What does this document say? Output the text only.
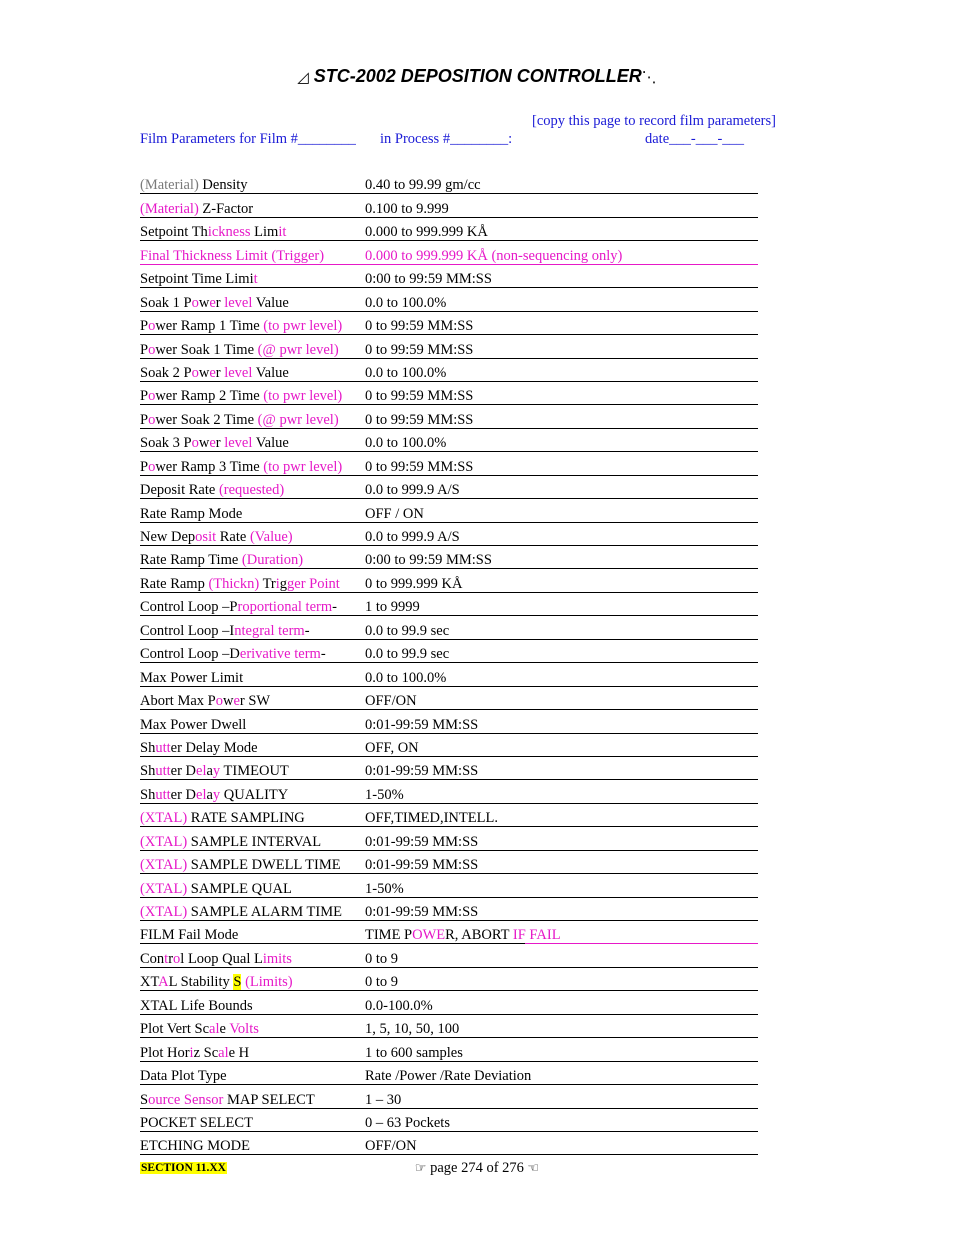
◿ STC-2002 DEPOSITION CONTROLLER⋱
[copy this page to record film parameters]
Film Parameters for Film #________ in Process #________:	date___-___-___
(Material) Density	0.40 to 99.99 gm/cc
(Material) Z-Factor	0.100 to 9.999
Setpoint Thickness Limit	0.000 to 999.999 KÅ
Final Thickness Limit (Trigger)	0.000 to 999.999 KÅ (non-sequencing only)
Setpoint Time Limit	0:00 to 99:59 MM:SS
Soak 1 Power level Value	0.0 to 100.0%
Power Ramp 1 Time (to pwr level) 0 to 99:59 MM:SS
Power Soak 1 Time (@ pwr level) 0 to 99:59 MM:SS
Soak 2 Power level Value	0.0 to 100.0%
Power Ramp 2 Time (to pwr level) 0 to 99:59 MM:SS
Power Soak 2 Time (@ pwr level) 0 to 99:59 MM:SS
Soak 3 Power level Value	0.0 to 100.0%
Power Ramp 3 Time (to pwr level) 0 to 99:59 MM:SS
Deposit Rate (requested)	0.0 to 999.9 A/S
Rate Ramp Mode	OFF / ON
New Deposit Rate (Value)	0.0 to 999.9 A/S
Rate Ramp Time (Duration)	0:00 to 99:59 MM:SS
Rate Ramp (Thickn) Trigger Point 0 to 999.999 KÅ
Control Loop –Proportional term- 1 to 9999
Control Loop –Integral term-	0.0 to 99.9 sec
Control Loop –Derivative term-	0.0 to 99.9 sec
Max Power Limit	0.0 to 100.0%
Abort Max Power SW	OFF/ON
Max Power Dwell	0:01-99:59 MM:SS
Shutter Delay Mode	OFF, ON
Shutter Delay TIMEOUT	0:01-99:59 MM:SS
Shutter Delay QUALITY	1-50%
(XTAL) RATE SAMPLING	OFF,TIMED,INTELL.
(XTAL) SAMPLE INTERVAL	0:01-99:59 MM:SS
(XTAL) SAMPLE DWELL TIME 0:01-99:59 MM:SS
(XTAL) SAMPLE QUAL	1-50%
(XTAL) SAMPLE ALARM TIME 0:01-99:59 MM:SS
FILM Fail Mode	TIME POWER, ABORT IF FAIL
Control Loop Qual Limits	0 to 9
XTAL Stability S (Limits)	0 to 9
XTAL Life Bounds	0.0-100.0%
Plot Vert Scale Volts	1, 5, 10, 50, 100
Plot Horiz Scale H	1 to 600 samples
Data Plot Type	Rate /Power /Rate Deviation
Source Sensor MAP SELECT	1 – 30
POCKET SELECT	0 – 63 Pockets
ETCHING MODE	OFF/ON
SECTION 11.XX	☞ page 274 of 276 ☜
